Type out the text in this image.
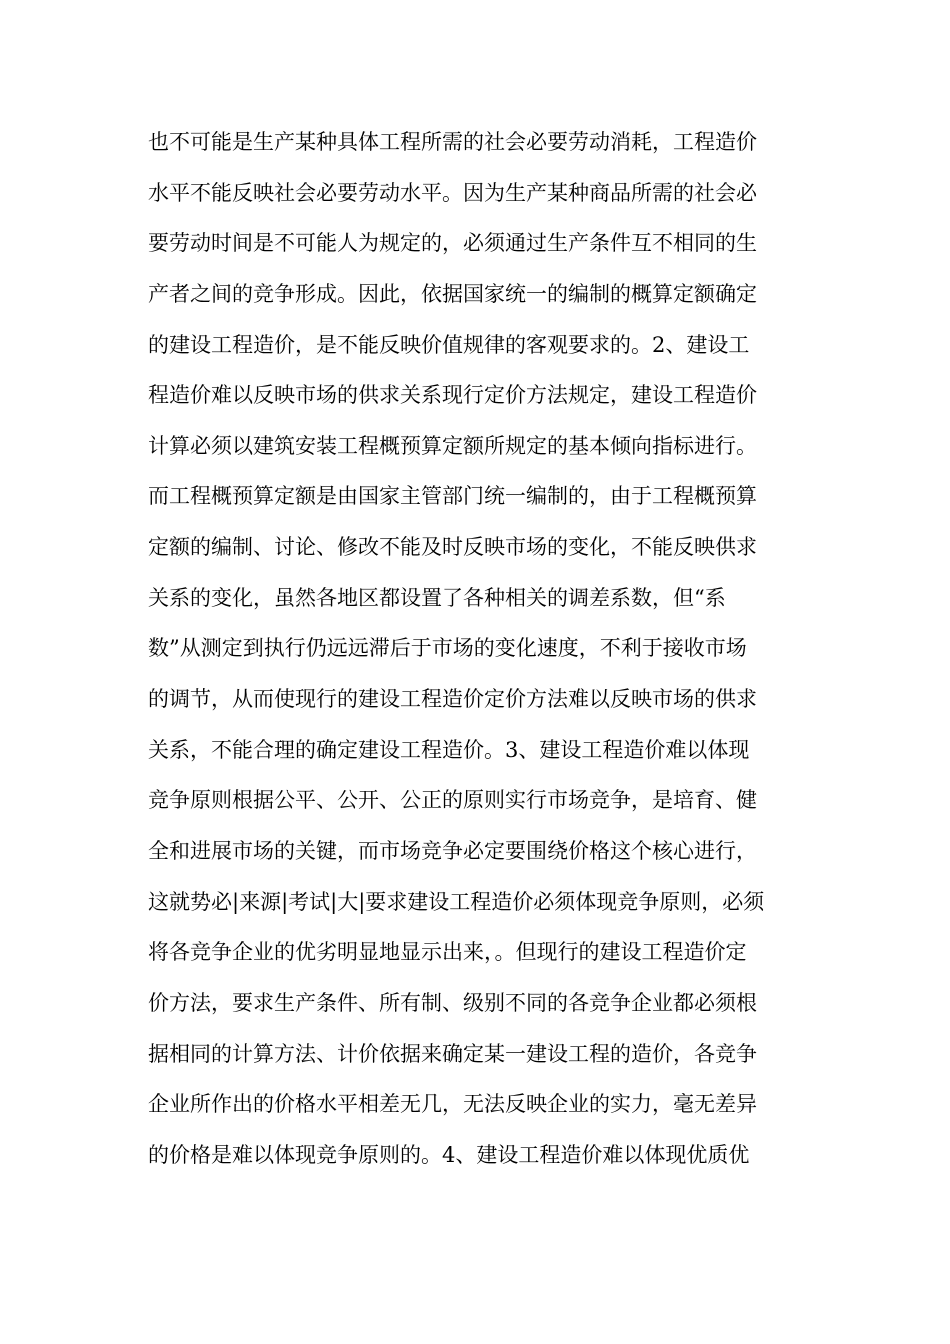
也不可能是生产某种具体工程所需的社会必要劳动消耗，工程造价
水平不能反映社会必要劳动水平。因为生产某种商品所需的社会必
要劳动时间是不可能人为规定的，必须通过生产条件互不相同的生
产者之间的竞争形成。因此，依据国家统一的编制的概算定额确定
的建设工程造价，是不能反映价值规律的客观要求的。2、建设工
程造价难以反映市场的供求关系现行定价方法规定，建设工程造价
计算必须以建筑安装工程概预算定额所规定的基本倾向指标进行。
而工程概预算定额是由国家主管部门统一编制的，由于工程概预算
定额的编制、讨论、修改不能及时反映市场的变化，不能反映供求
关系的变化，虽然各地区都设置了各种相关的调差系数，但“系
数”从测定到执行仍远远滞后于市场的变化速度，不利于接收市场
的调节，从而使现行的建设工程造价定价方法难以反映市场的供求
关系，不能合理的确定建设工程造价。3、建设工程造价难以体现
竞争原则根据公平、公开、公正的原则实行市场竞争，是培育、健
全和进展市场的关键，而市场竞争必定要围绕价格这个核心进行，
这就势必|来源|考试|大|要求建设工程造价必须体现竞争原则，必须
将各竞争企业的优劣明显地显示出来，。但现行的建设工程造价定
价方法，要求生产条件、所有制、级别不同的各竞争企业都必须根
据相同的计算方法、计价依据来确定某一建设工程的造价，各竞争
企业所作出的价格水平相差无几，无法反映企业的实力，毫无差异
的价格是难以体现竞争原则的。4、建设工程造价难以体现优质优
